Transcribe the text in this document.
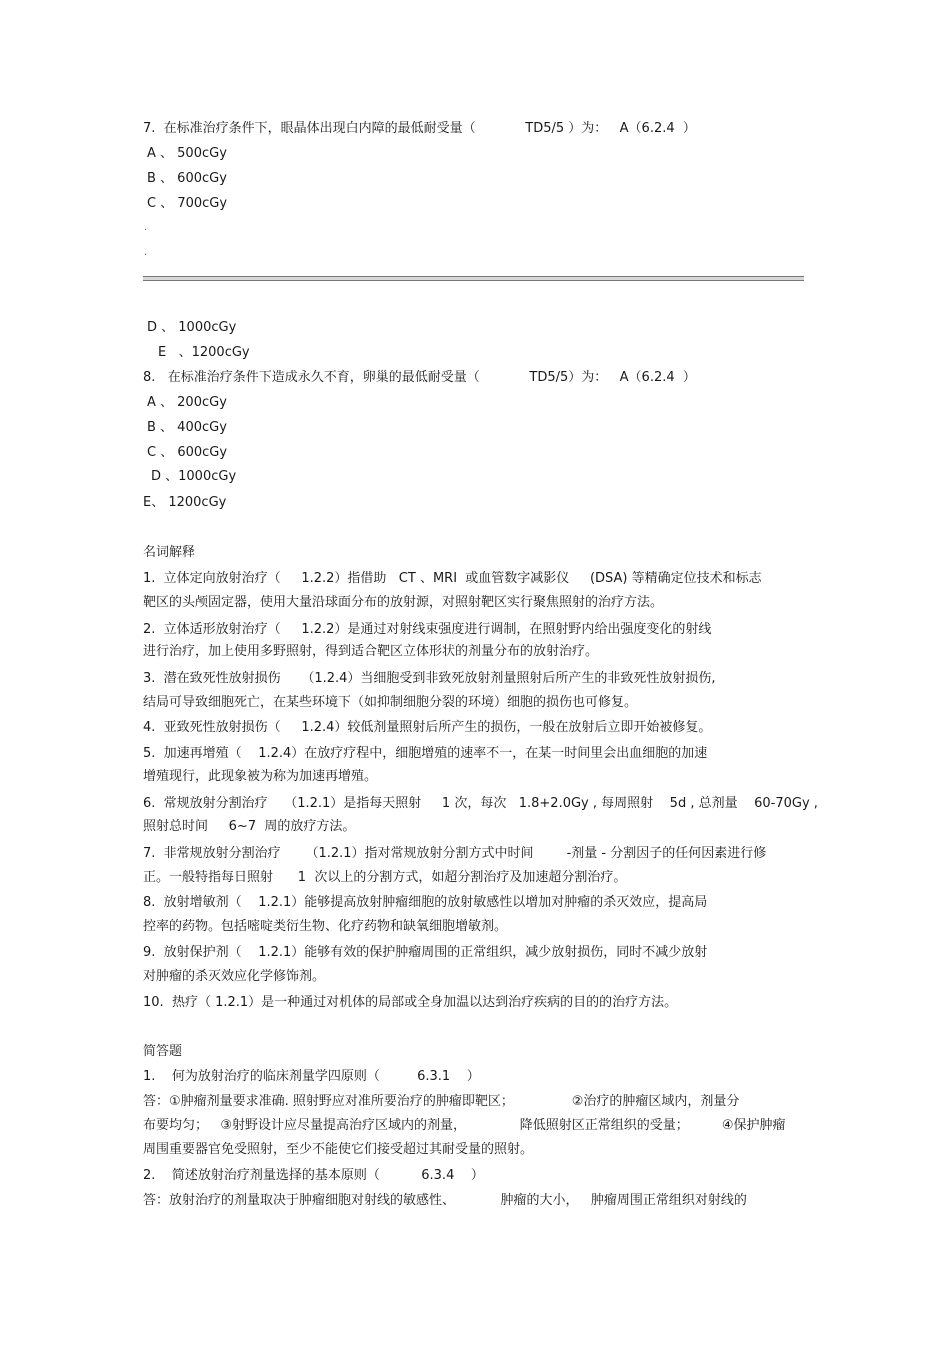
7.  在标准治疗条件下，眼晶体出现白内障的最低耐受量（            TD5/5 ）为：   A（6.2.4  ）
A 、 500cGy
B 、 600cGy
C 、 700cGy
·
·
D 、 1000cGy
E   、1200cGy
8.   在标准治疗条件下造成永久不育，卵巢的最低耐受量（            TD5/5）为：   A（6.2.4  ）
A 、 200cGy
B 、 400cGy
C 、 600cGy
D 、1000cGy
E、 1200cGy
名词解释
1.  立体定向放射治疗（     1.2.2）指借助   CT 、MRI  或血管数字减影仪     (DSA) 等精确定位技术和标志
靶区的头颅固定器，使用大量沿球面分布的放射源，对照射靶区实行聚焦照射的治疗方法。
2.  立体适形放射治疗（     1.2.2）是通过对射线束强度进行调制，在照射野内给出强度变化的射线
进行治疗，加上使用多野照射，得到适合靶区立体形状的剂量分布的放射治疗。
3.  潜在致死性放射损伤     （1.2.4）当细胞受到非致死放射剂量照射后所产生的非致死性放射损伤,
结局可导致细胞死亡，在某些环境下（如抑制细胞分裂的环境）细胞的损伤也可修复。
4.  亚致死性放射损伤（     1.2.4）较低剂量照射后所产生的损伤，一般在放射后立即开始被修复。
5.  加速再增殖（    1.2.4）在放疗疗程中，细胞增殖的速率不一，在某一时间里会出血细胞的加速
增殖现行，此现象被为称为加速再增殖。
6.  常规放射分割治疗    （1.2.1）是指每天照射     1 次，每次   1.8+2.0Gy , 每周照射    5d , 总剂量    60-70Gy ,
照射总时间     6~7  周的放疗方法。
7.  非常规放射分割治疗      （1.2.1）指对常规放射分割方式中时间        -剂量 - 分割因子的任何因素进行修
正。一般特指每日照射      1  次以上的分割方式，如超分割治疗及加速超分割治疗。
8.  放射增敏剂（    1.2.1）能够提高放射肿瘤细胞的放射敏感性以增加对肿瘤的杀灭效应，提高局
控率的药物。包括嘧啶类衍生物、化疗药物和缺氧细胞增敏剂。
9.  放射保护剂（    1.2.1）能够有效的保护肿瘤周围的正常组织，减少放射损伤，同时不减少放射
对肿瘤的杀灭效应化学修饰剂。
10.  热疗（ 1.2.1）是一种通过对机体的局部或全身加温以达到治疗疾病的目的的治疗方法。
简答题
1.    何为放射治疗的临床剂量学四原则（         6.3.1    ）
答：①肿瘤剂量要求准确. 照射野应对准所要治疗的肿瘤即靶区；              ②治疗的肿瘤区域内，剂量分
布要均匀；   ③射野设计应尽量提高治疗区域内的剂量，             降低照射区正常组织的受量；        ④保护肿瘤
周围重要器官免受照射，至少不能使它们接受超过其耐受量的照射。
2.    简述放射治疗剂量选择的基本原则（          6.3.4    ）
答：放射治疗的剂量取决于肿瘤细胞对射线的敏感性、           肿瘤的大小，   肿瘤周围正常组织对射线的
